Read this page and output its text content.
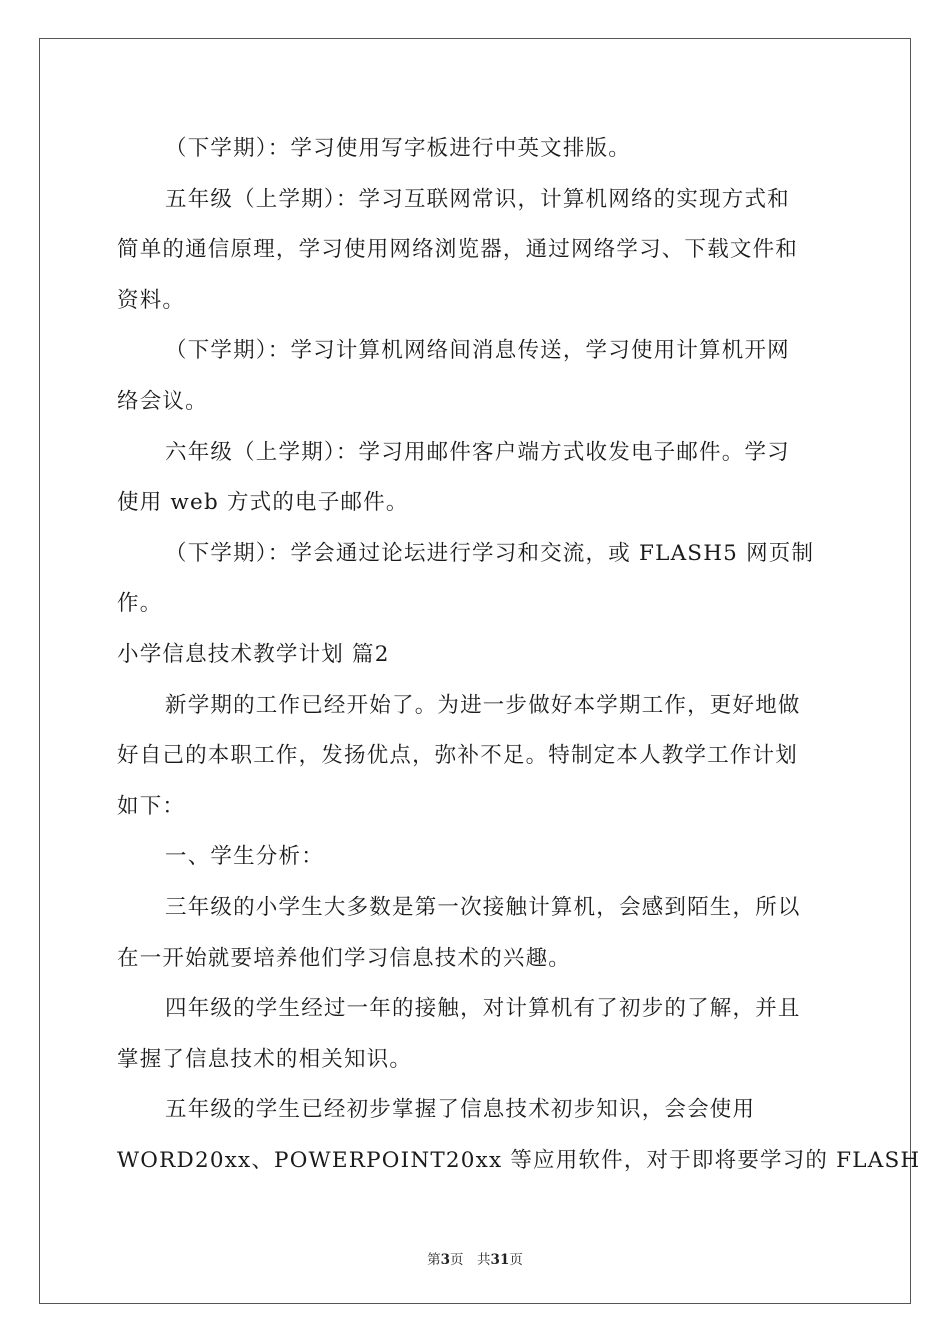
（下学期）：学习使用写字板进行中英文排版。
五年级（上学期）：学习互联网常识，计算机网络的实现方式和
简单的通信原理，学习使用网络浏览器，通过网络学习、下载文件和
资料。
（下学期）：学习计算机网络间消息传送，学习使用计算机开网
络会议。
六年级（上学期）：学习用邮件客户端方式收发电子邮件。学习
使用 web 方式的电子邮件。
（下学期）：学会通过论坛进行学习和交流，或 FLASH5 网页制
作。
小学信息技术教学计划 篇2
新学期的工作已经开始了。为进一步做好本学期工作，更好地做
好自己的本职工作，发扬优点，弥补不足。特制定本人教学工作计划
如下：
一、学生分析：
三年级的小学生大多数是第一次接触计算机，会感到陌生，所以
在一开始就要培养他们学习信息技术的兴趣。
四年级的学生经过一年的接触，对计算机有了初步的了解，并且
掌握了信息技术的相关知识。
五年级的学生已经初步掌握了信息技术初步知识，会会使用
WORD20xx、POWERPOINT20xx 等应用软件，对于即将要学习的 FLASH
第3页　共31页
